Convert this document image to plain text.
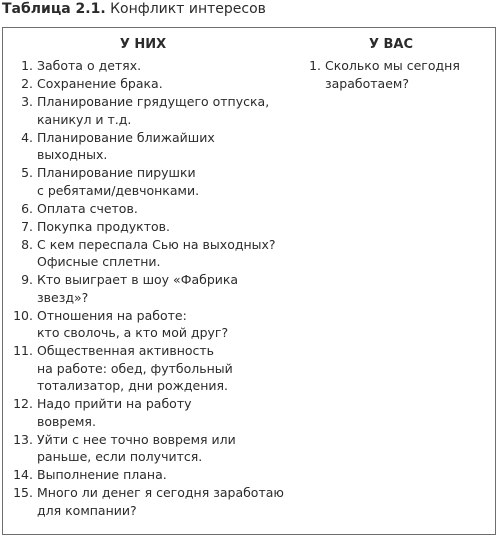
Таблица 2.1. Конфликт интересов
У НИХ
1. Забота о детях.
2. Сохранение брака.
3. Планирование грядущего отпуска,
каникул и т.д.
4. Планирование ближайших
выходных.
5. Планирование пирушки
с ребятами/девчонками.
6. Оплата счетов.
7. Покупка продуктов.
8. С кем переспала Сью на выходных?
Офисные сплетни.
9. Кто выиграет в шоу «Фабрика
звезд»?
10. Отношения на работе:
кто сволочь, а кто мой друг?
11. Общественная активность
на работе: обед, футбольный
тотализатор, дни рождения.
12. Надо прийти на работу
вовремя.
13. Уйти с нее точно вовремя или
раньше, если получится.
14. Выполнение плана.
15. Много ли денег я сегодня заработаю
для компании?
У ВАС
1. Сколько мы сегодня
заработаем?
